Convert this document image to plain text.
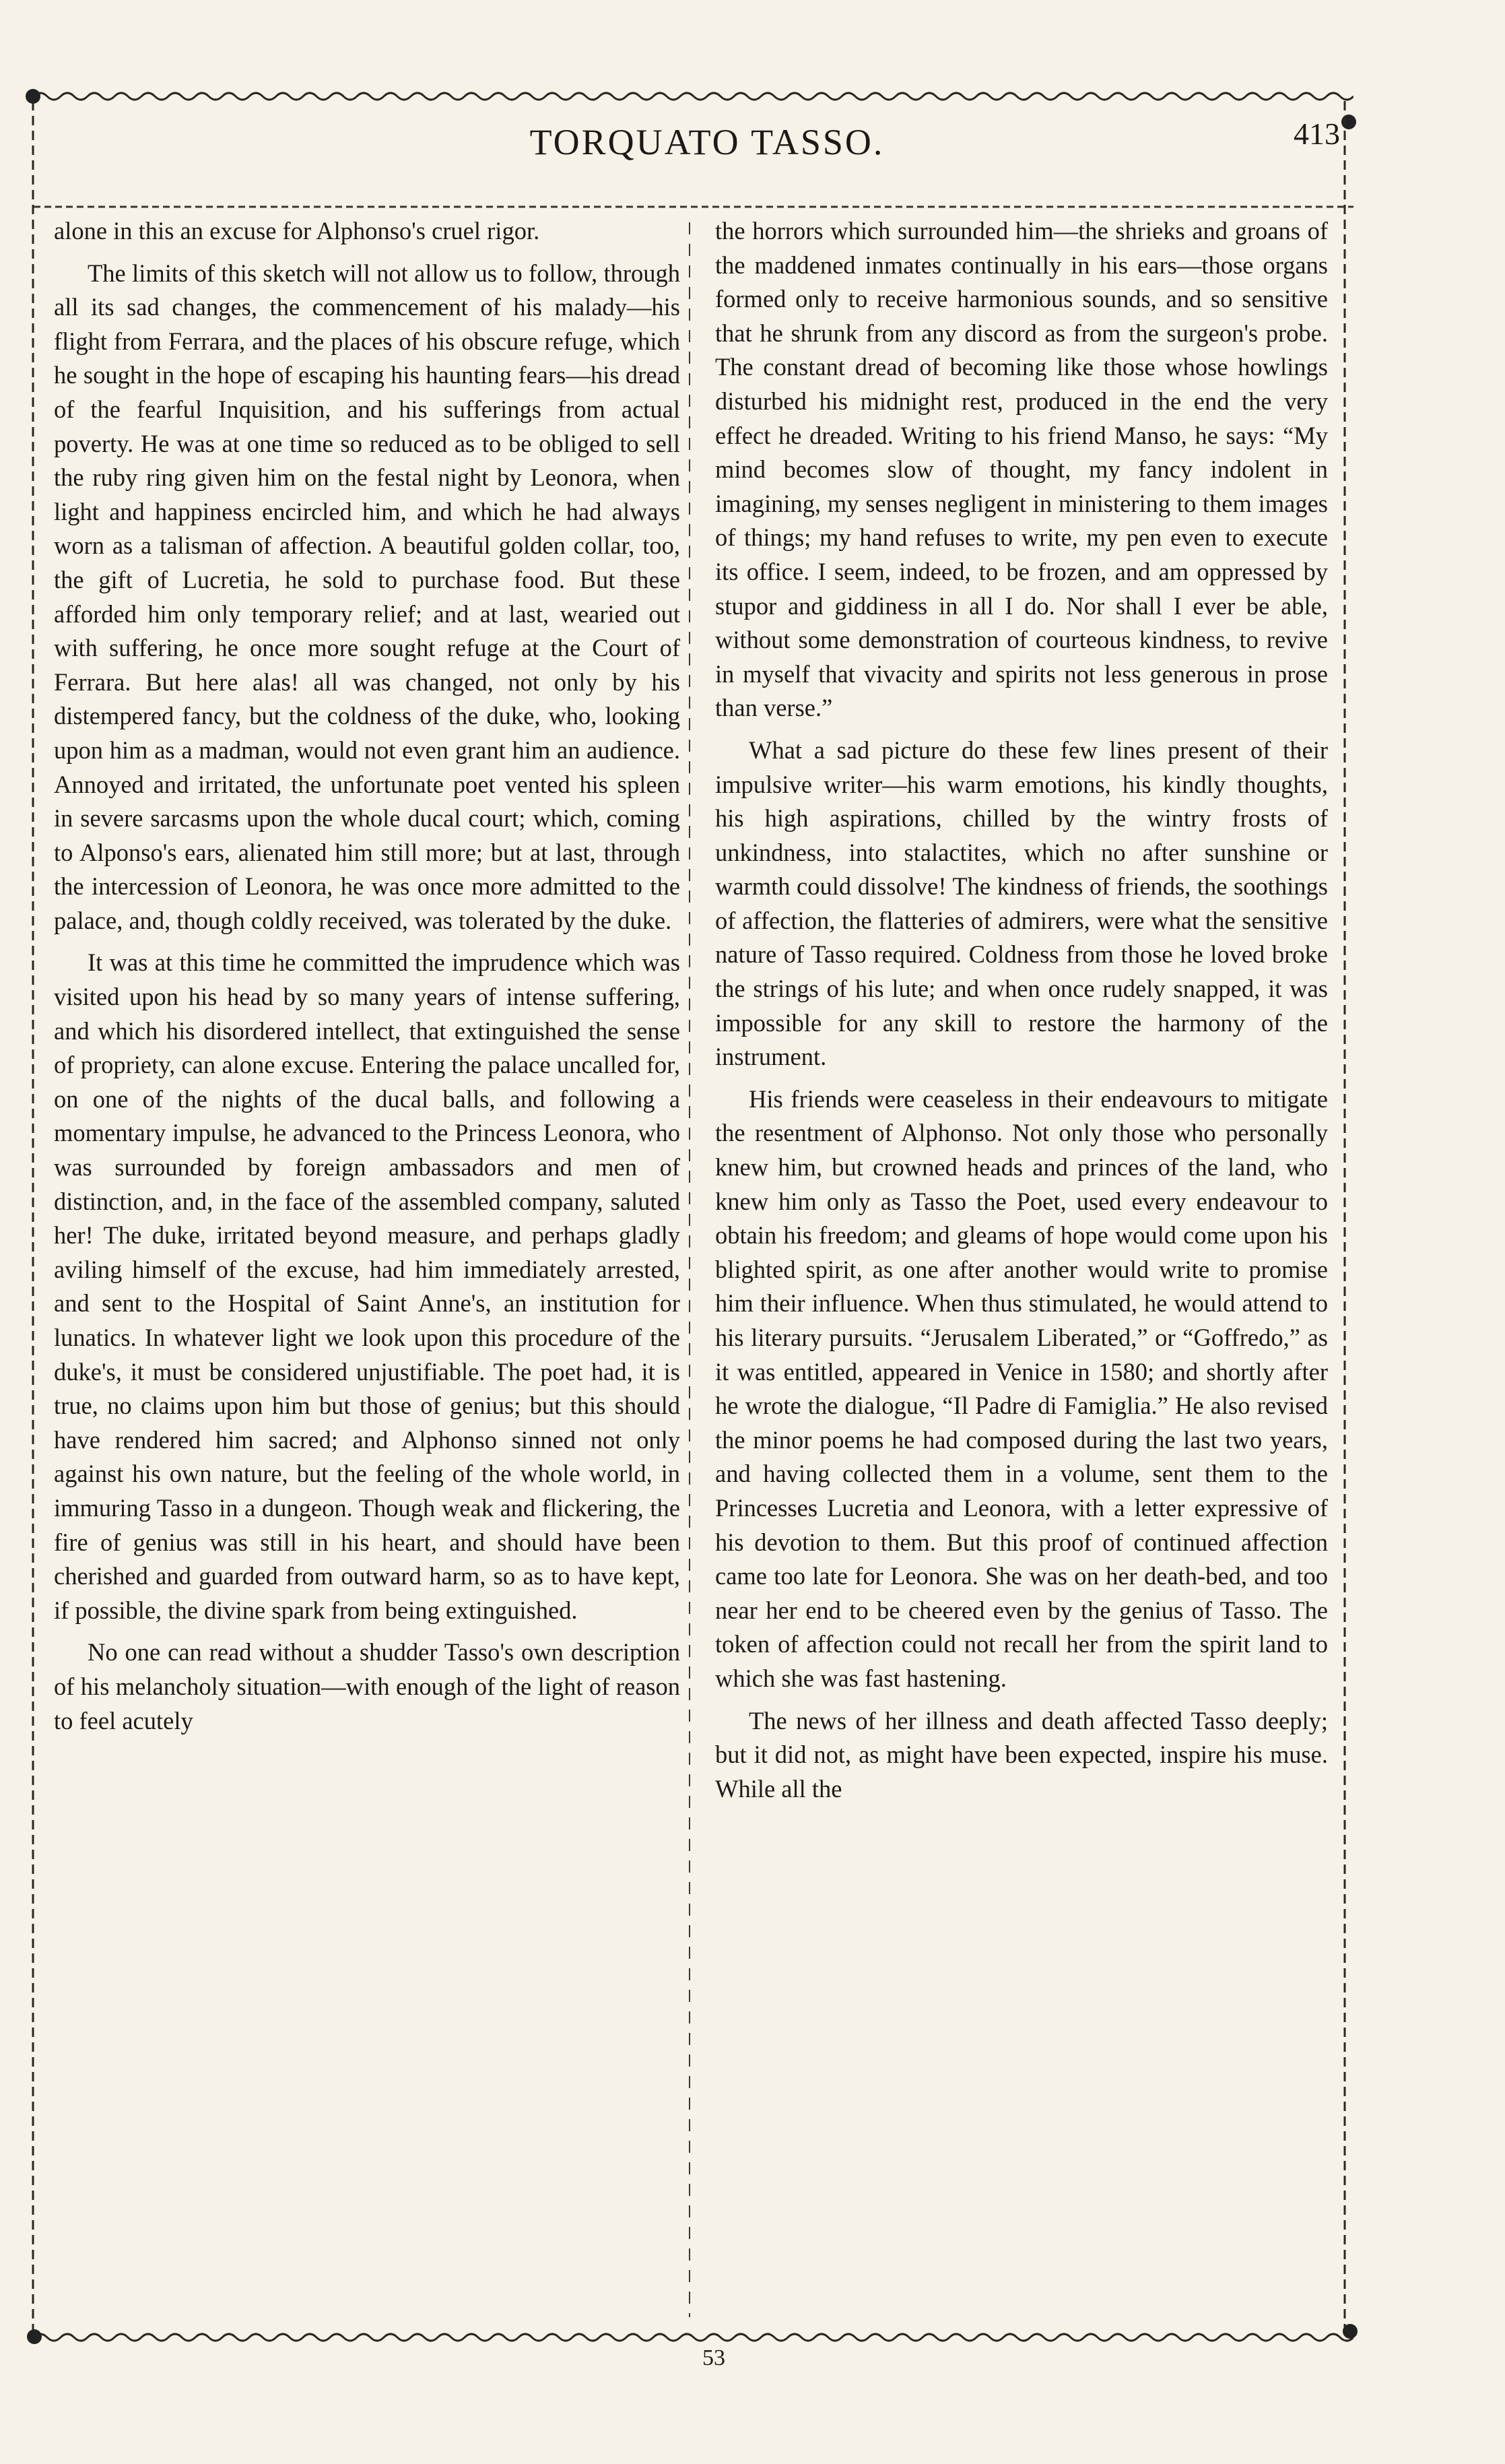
TORQUATO TASSO.	413

alone in this an excuse for Alphonso's cruel rigor.

The limits of this sketch will not allow us to follow, through all its sad changes, the commencement of his malady—his flight from Ferrara, and the places of his obscure refuge, which he sought in the hope of escaping his haunting fears—his dread of the fearful Inquisition, and his sufferings from actual poverty. He was at one time so reduced as to be obliged to sell the ruby ring given him on the festal night by Leonora, when light and happiness encircled him, and which he had always worn as a talisman of affection. A beautiful golden collar, too, the gift of Lucretia, he sold to purchase food. But these afforded him only temporary relief; and at last, wearied out with suffering, he once more sought refuge at the Court of Ferrara. But here alas! all was changed, not only by his distempered fancy, but the coldness of the duke, who, looking upon him as a madman, would not even grant him an audience. Annoyed and irritated, the unfortunate poet vented his spleen in severe sarcasms upon the whole ducal court; which, coming to Alponso's ears, alienated him still more; but at last, through the intercession of Leonora, he was once more admitted to the palace, and, though coldly received, was tolerated by the duke.

It was at this time he committed the imprudence which was visited upon his head by so many years of intense suffering, and which his disordered intellect, that extinguished the sense of propriety, can alone excuse. Entering the palace uncalled for, on one of the nights of the ducal balls, and following a momentary impulse, he advanced to the Princess Leonora, who was surrounded by foreign ambassadors and men of distinction, and, in the face of the assembled company, saluted her! The duke, irritated beyond measure, and perhaps gladly aviling himself of the excuse, had him immediately arrested, and sent to the Hospital of Saint Anne's, an institution for lunatics. In whatever light we look upon this procedure of the duke's, it must be considered unjustifiable. The poet had, it is true, no claims upon him but those of genius; but this should have rendered him sacred; and Alphonso sinned not only against his own nature, but the feeling of the whole world, in immuring Tasso in a dungeon. Though weak and flickering, the fire of genius was still in his heart, and should have been cherished and guarded from outward harm, so as to have kept, if possible, the divine spark from being extinguished.

No one can read without a shudder Tasso's own description of his melancholy situation—with enough of the light of reason to feel acutely

the horrors which surrounded him—the shrieks and groans of the maddened inmates continually in his ears—those organs formed only to receive harmonious sounds, and so sensitive that he shrunk from any discord as from the surgeon's probe. The constant dread of becoming like those whose howlings disturbed his midnight rest, produced in the end the very effect he dreaded. Writing to his friend Manso, he says: “My mind becomes slow of thought, my fancy indolent in imagining, my senses negligent in ministering to them images of things; my hand refuses to write, my pen even to execute its office. I seem, indeed, to be frozen, and am oppressed by stupor and giddiness in all I do. Nor shall I ever be able, without some demonstration of courteous kindness, to revive in myself that vivacity and spirits not less generous in prose than verse.”

What a sad picture do these few lines present of their impulsive writer—his warm emotions, his kindly thoughts, his high aspirations, chilled by the wintry frosts of unkindness, into stalactites, which no after sunshine or warmth could dissolve! The kindness of friends, the soothings of affection, the flatteries of admirers, were what the sensitive nature of Tasso required. Coldness from those he loved broke the strings of his lute; and when once rudely snapped, it was impossible for any skill to restore the harmony of the instrument.

His friends were ceaseless in their endeavours to mitigate the resentment of Alphonso. Not only those who personally knew him, but crowned heads and princes of the land, who knew him only as Tasso the Poet, used every endeavour to obtain his freedom; and gleams of hope would come upon his blighted spirit, as one after another would write to promise him their influence. When thus stimulated, he would attend to his literary pursuits. “Jerusalem Liberated,” or “Goffredo,” as it was entitled, appeared in Venice in 1580; and shortly after he wrote the dialogue, “Il Padre di Famiglia.” He also revised the minor poems he had composed during the last two years, and having collected them in a volume, sent them to the Princesses Lucretia and Leonora, with a letter expressive of his devotion to them. But this proof of continued affection came too late for Leonora. She was on her death-bed, and too near her end to be cheered even by the genius of Tasso. The token of affection could not recall her from the spirit land to which she was fast hastening.

The news of her illness and death affected Tasso deeply; but it did not, as might have been expected, inspire his muse. While all the

53
